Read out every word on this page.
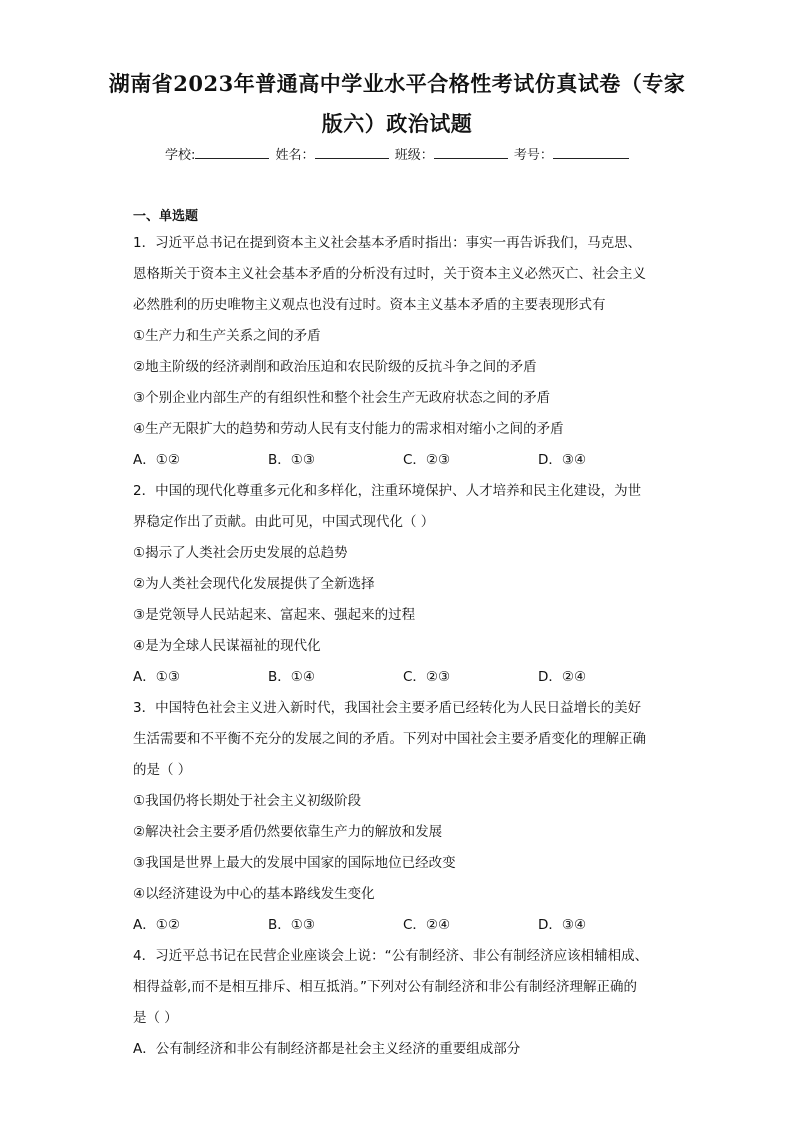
湖南省2023年普通高中学业水平合格性考试仿真试卷（专家
版六）政治试题
学校:	姓名：	班级：	考号：
一、单选题

1．习近平总书记在提到资本主义社会基本矛盾时指出：事实一再告诉我们，马克思、

恩格斯关于资本主义社会基本矛盾的分析没有过时，关于资本主义必然灭亡、社会主义

必然胜利的历史唯物主义观点也没有过时。资本主义基本矛盾的主要表现形式有

①生产力和生产关系之间的矛盾

②地主阶级的经济剥削和政治压迫和农民阶级的反抗斗争之间的矛盾

③个别企业内部生产的有组织性和整个社会生产无政府状态之间的矛盾

④生产无限扩大的趋势和劳动人民有支付能力的需求相对缩小之间的矛盾

A．①②	B．①③	C．②③	D．③④

2．中国的现代化尊重多元化和多样化，注重环境保护、人才培养和民主化建设，为世

界稳定作出了贡献。由此可见，中国式现代化（ ）

①揭示了人类社会历史发展的总趋势

②为人类社会现代化发展提供了全新选择

③是党领导人民站起来、富起来、强起来的过程

④是为全球人民谋福祉的现代化

A．①③	B．①④	C．②③	D．②④

3．中国特色社会主义进入新时代，我国社会主要矛盾已经转化为人民日益增长的美好

生活需要和不平衡不充分的发展之间的矛盾。下列对中国社会主要矛盾变化的理解正确

的是（ ）

①我国仍将长期处于社会主义初级阶段

②解决社会主要矛盾仍然要依靠生产力的解放和发展

③我国是世界上最大的发展中国家的国际地位已经改变

④以经济建设为中心的基本路线发生变化

A．①②	B．①③	C．②④	D．③④

4．习近平总书记在民营企业座谈会上说：“公有制经济、非公有制经济应该相辅相成、

相得益彰,而不是相互排斥、相互抵消。”下列对公有制经济和非公有制经济理解正确的

是（ ）

A．公有制经济和非公有制经济都是社会主义经济的重要组成部分
